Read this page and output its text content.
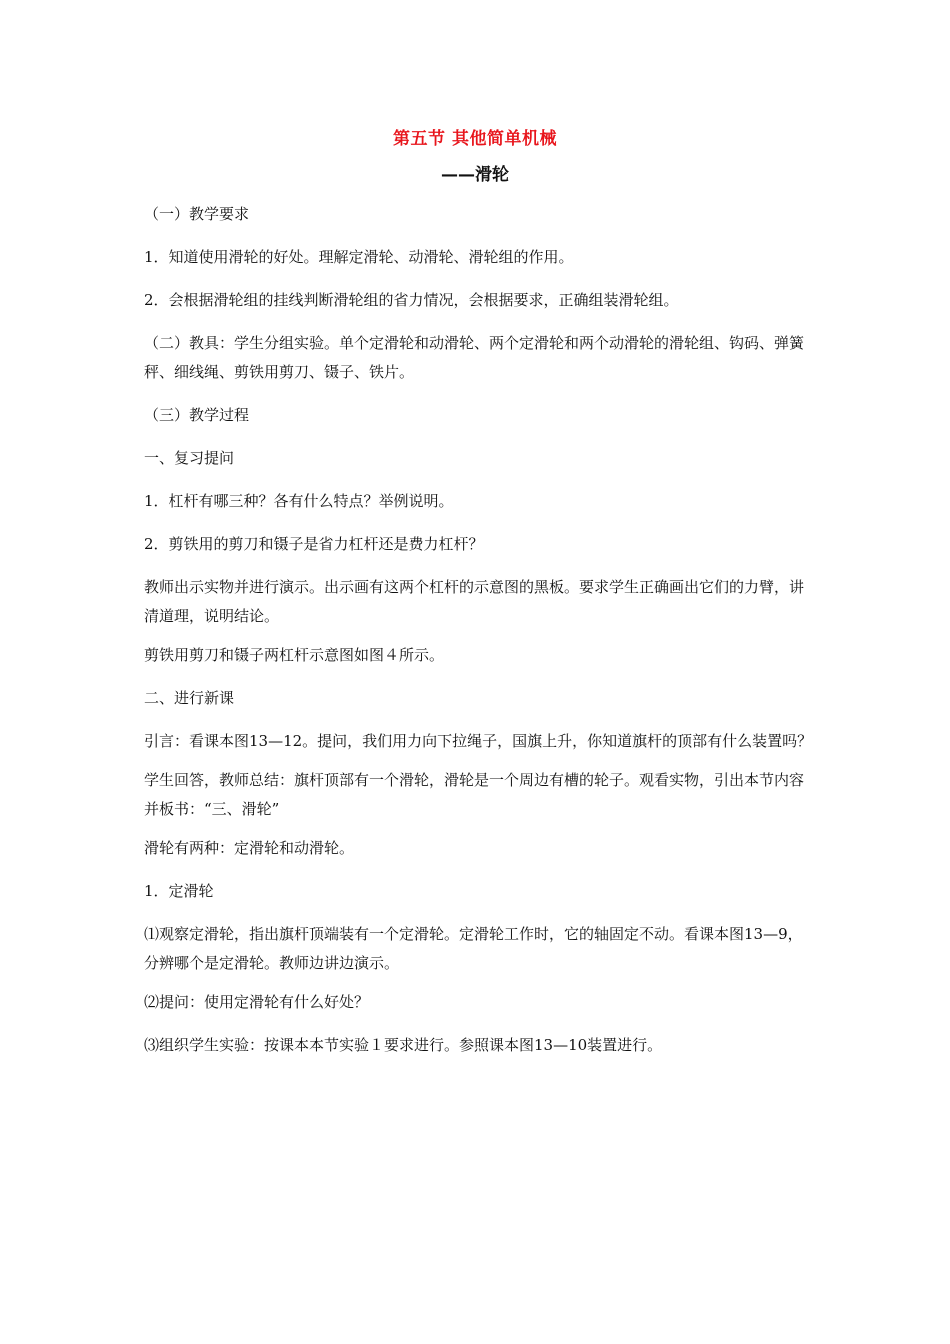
第五节 其他简单机械
——滑轮

（一）教学要求

1．知道使用滑轮的好处。理解定滑轮、动滑轮、滑轮组的作用。

2．会根据滑轮组的挂线判断滑轮组的省力情况，会根据要求，正确组装滑轮组。

（二）教具：学生分组实验。单个定滑轮和动滑轮、两个定滑轮和两个动滑轮的滑轮组、钩码、弹簧秤、细线绳、剪铁用剪刀、镊子、铁片。

（三）教学过程

一、复习提问

1．杠杆有哪三种？各有什么特点？举例说明。

2．剪铁用的剪刀和镊子是省力杠杆还是费力杠杆？

教师出示实物并进行演示。出示画有这两个杠杆的示意图的黑板。要求学生正确画出它们的力臂，讲清道理，说明结论。

剪铁用剪刀和镊子两杠杆示意图如图４所示。

二、进行新课

引言：看课本图13—12。提问，我们用力向下拉绳子，国旗上升，你知道旗杆的顶部有什么装置吗？

学生回答，教师总结：旗杆顶部有一个滑轮，滑轮是一个周边有槽的轮子。观看实物，引出本节内容并板书：“三、滑轮”

滑轮有两种：定滑轮和动滑轮。

1．定滑轮

⑴观察定滑轮，指出旗杆顶端装有一个定滑轮。定滑轮工作时，它的轴固定不动。看课本图13—9，分辨哪个是定滑轮。教师边讲边演示。

⑵提问：使用定滑轮有什么好处？

⑶组织学生实验：按课本本节实验１要求进行。参照课本图13—10装置进行。
